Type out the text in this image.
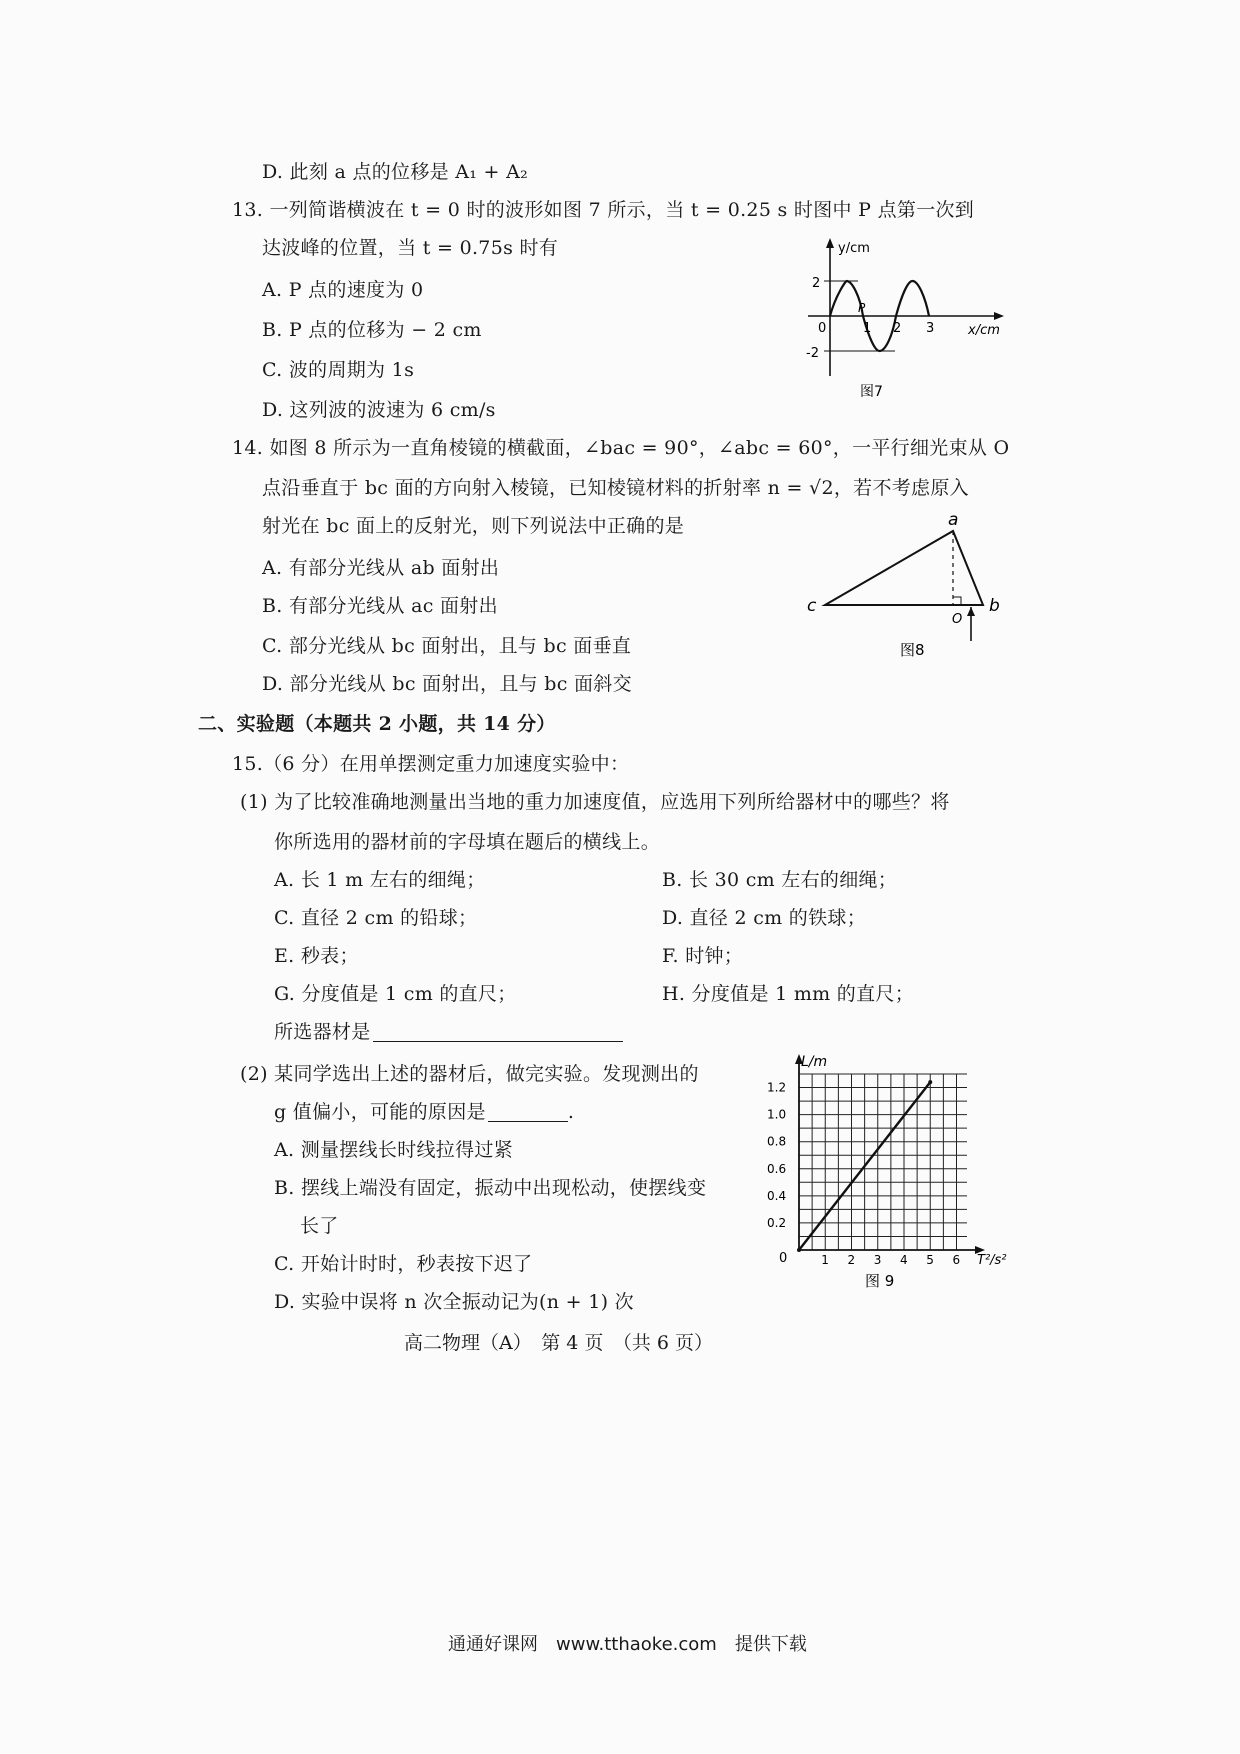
D. 此刻 a 点的位移是 A₁ + A₂
13. 一列简谐横波在 t = 0 时的波形如图 7 所示，当 t = 0.25 s 时图中 P 点第一次到
达波峰的位置，当 t = 0.75s 时有
A. P 点的速度为 0
B. P 点的位移为 − 2 cm
C. 波的周期为 1s
D. 这列波的波速为 6 cm/s
2
-2
0	1 2 3
P
y/cm
x/cm
图7
14. 如图 8 所示为一直角棱镜的横截面，∠bac = 90°，∠abc = 60°，一平行细光束从 O
点沿垂直于 bc 面的方向射入棱镜，已知棱镜材料的折射率 n = √2，若不考虑原入
射光在 bc 面上的反射光，则下列说法中正确的是
A. 有部分光线从 ab 面射出
B. 有部分光线从 ac 面射出
C. 部分光线从 bc 面射出，且与 bc 面垂直
D. 部分光线从 bc 面射出，且与 bc 面斜交
a
b
c
O
图8
二、实验题（本题共 2 小题，共 14 分）
15.（6 分）在用单摆测定重力加速度实验中：
(1) 为了比较准确地测量出当地的重力加速度值，应选用下列所给器材中的哪些？将
你所选用的器材前的字母填在题后的横线上。
A. 长 1 m 左右的细绳；	B. 长 30 cm 左右的细绳；
C. 直径 2 cm 的铅球；	D. 直径 2 cm 的铁球；
E. 秒表；	F. 时钟；
G. 分度值是 1 cm 的直尺；	H. 分度值是 1 mm 的直尺；
所选器材是
(2) 某同学选出上述的器材后，做完实验。发现测出的
g 值偏小，可能的原因是	.
A. 测量摆线长时线拉得过紧
B. 摆线上端没有固定，振动中出现松动，使摆线变
长了
C. 开始计时时，秒表按下迟了
D. 实验中误将 n 次全振动记为(n + 1) 次
1 2 3 4 5 6
0.2
0.4
0.6
0.8
1.0
1.2
L/m
T²/s²
0
图 9
高二物理（A）　第 4 页　（共 6 页）
通通好课网　www.tthaoke.com　提供下载
